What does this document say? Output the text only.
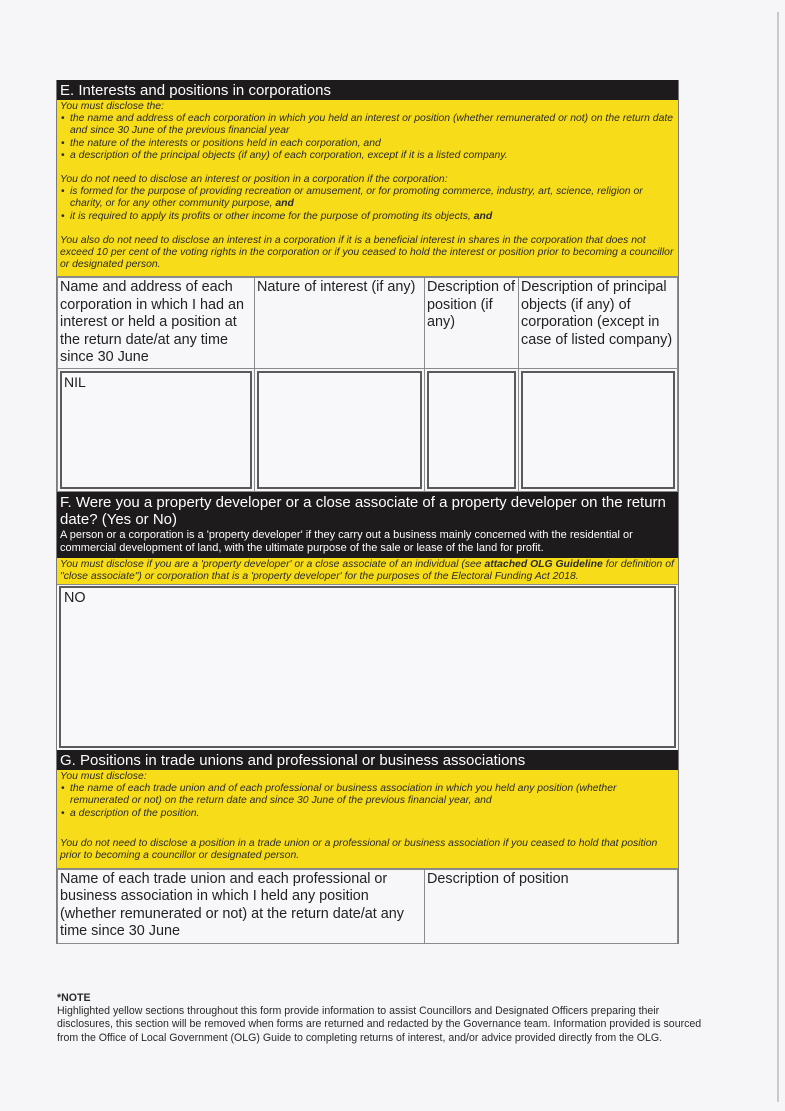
E. Interests and positions in corporations

You must disclose the:

• the name and address of each corporation in which you held an interest or position (whether remunerated or not) on the return date and since 30 June of the previous financial year
• the nature of the interests or positions held in each corporation, and
• a description of the principal objects (if any) of each corporation, except if it is a listed company.

You do not need to disclose an interest or position in a corporation if the corporation:

• is formed for the purpose of providing recreation or amusement, or for promoting commerce, industry, art, science, religion or charity, or for any other community purpose, and
• it is required to apply its profits or other income for the purpose of promoting its objects, and

You also do not need to disclose an interest in a corporation if it is a beneficial interest in shares in the corporation that does not exceed 10 per cent of the voting rights in the corporation or if you ceased to hold the interest or position prior to becoming a councillor or designated person.

Name and address of each corporation in which I had an interest or held a position at the return date/at any time since 30 June	Nature of interest (if any)	Description of position (if any)	Description of principal objects (if any) of corporation (except in case of listed company)

NIL			

F. Were you a property developer or a close associate of a property developer on the return date? (Yes or No)
A person or a corporation is a 'property developer' if they carry out a business mainly concerned with the residential or commercial development of land, with the ultimate purpose of the sale or lease of the land for profit.

You must disclose if you are a 'property developer' or a close associate of an individual (see attached OLG Guideline for definition of "close associate") or corporation that is a 'property developer' for the purposes of the Electoral Funding Act 2018.

NO
G. Positions in trade unions and professional or business associations

You must disclose:

• the name of each trade union and of each professional or business association in which you held any position (whether remunerated or not) on the return date and since 30 June of the previous financial year, and
• a description of the position.

You do not need to disclose a position in a trade union or a professional or business association if you ceased to hold that position prior to becoming a councillor or designated person.

Name of each trade union and each professional or business association in which I held any position (whether remunerated or not) at the return date/at any time since 30 June	Description of position
*NOTE
Highlighted yellow sections throughout this form provide information to assist Councillors and Designated Officers preparing their disclosures, this section will be removed when forms are returned and redacted by the Governance team. Information provided is sourced from the Office of Local Government (OLG) Guide to completing returns of interest, and/or advice provided directly from the OLG.
